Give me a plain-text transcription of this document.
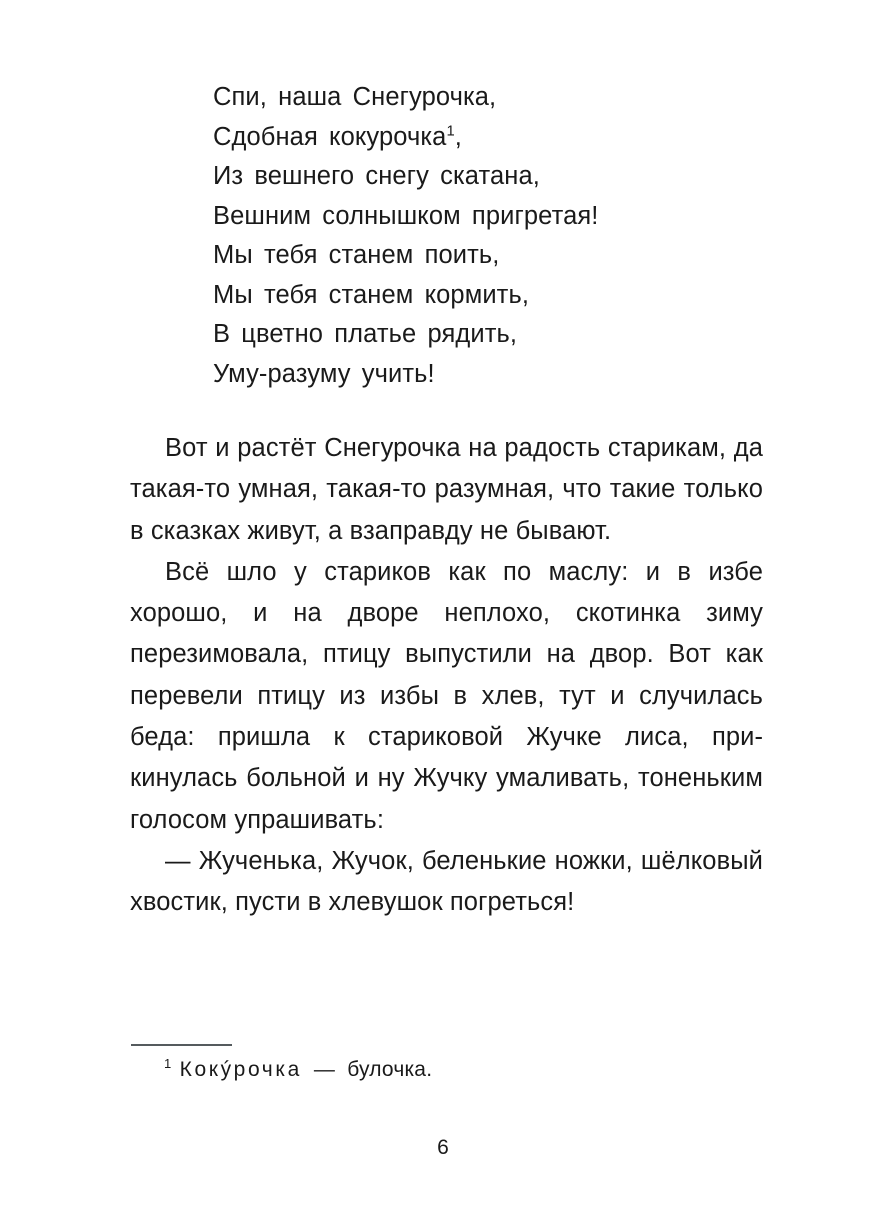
Спи, наша Снегурочка,
Сдобная кокурочка$^1$,
Из вешнего снегу скатана,
Вешним солнышком пригретая!
Мы тебя станем поить,
Мы тебя станем кормить,
В цветно платье рядить,
Уму-разуму учить!

Вот и растёт Снегурочка на радость старикам, да такая-то умная, такая-то разумная, что такие только в сказках живут, а взаправду не бывают.

Всё шло у стариков как по маслу: и в избе хорошо, и на дворе неплохо, скотинка зиму перезимовала, птицу выпустили на двор. Вот как перевели птицу из избы в хлев, тут и случилась беда: пришла к стариковой Жучке лиса, прикинулась больной и ну Жучку умаливать, тоненьким голосом упрашивать:

— Жученька, Жучок, беленькие ножки, шёлковый хвостик, пусти в хлевушок погреться!

$^1$ Кокýрочка  —  булочка.
6
